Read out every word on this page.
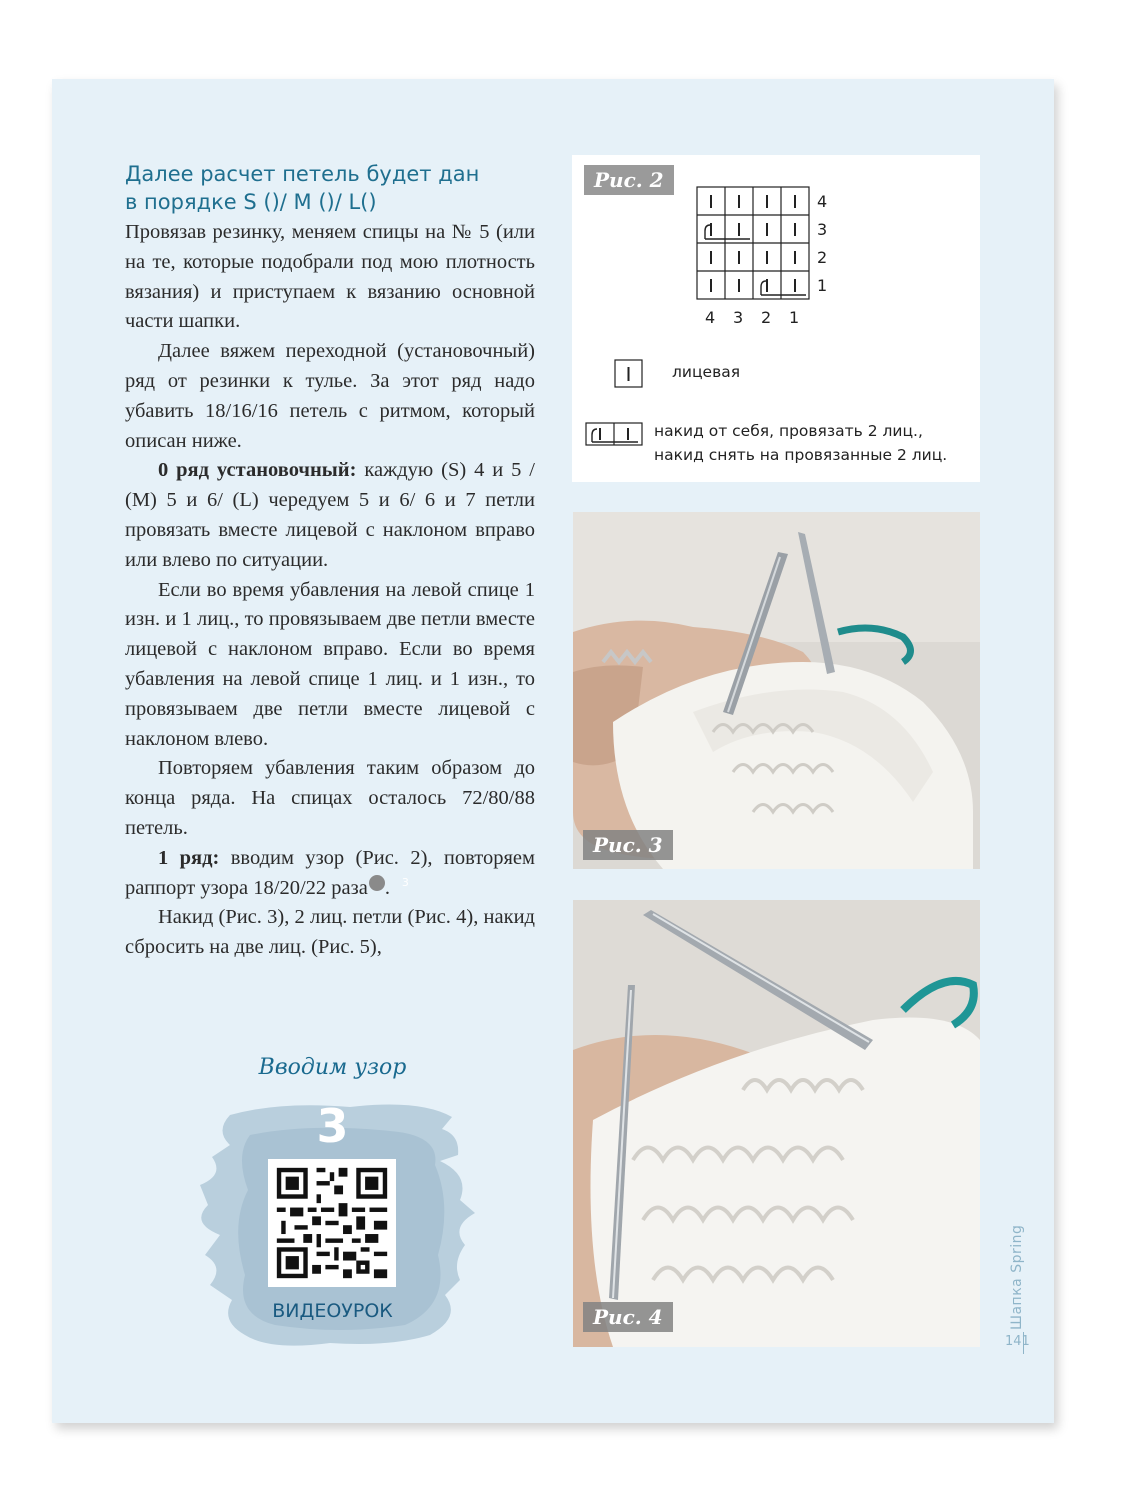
Далее расчет петель будет дан
в порядке S ()/ M ()/ L()

Провязав резинку, меняем спицы на № 5 (или на те, которые подобрали под мою плотность вязания) и приступаем к вязанию основной части шапки.

Далее вяжем переходной (установочный) ряд от резинки к тулье. За этот ряд надо убавить 18/16/16 петель с ритмом, который описан ниже.

0 ряд установочный: каждую (S) 4 и 5 / (M) 5 и 6/ (L) чередуем 5 и 6/ 6 и 7 петли провязать вместе лицевой с наклоном вправо или влево по ситуации.

Если во время убавления на левой спице 1 изн. и 1 лиц., то провязываем две петли вместе лицевой с наклоном вправо. Если во время убавления на левой спице 1 лиц. и 1 изн., то провязываем две петли вместе лицевой с наклоном влево.

Повторяем убавления таким образом до конца ряда. На спицах осталось 72/80/88 петель.

1 ряд: вводим узор (Рис. 2), повторяем раппорт узора 18/20/22 раза	3.

Накид (Рис. 3), 2 лиц. петли (Рис. 4), накид сбросить на две лиц. (Рис. 5),

Вводим узор
3
ВИДЕОУРОК
Рис. 2
4
3
2
1
4 3 2 1
лицевая
накид от себя, провязать 2 лиц.,
накид снять на провязанные 2 лиц.
Рис. 3
Рис. 4	Шапка Spring
141
